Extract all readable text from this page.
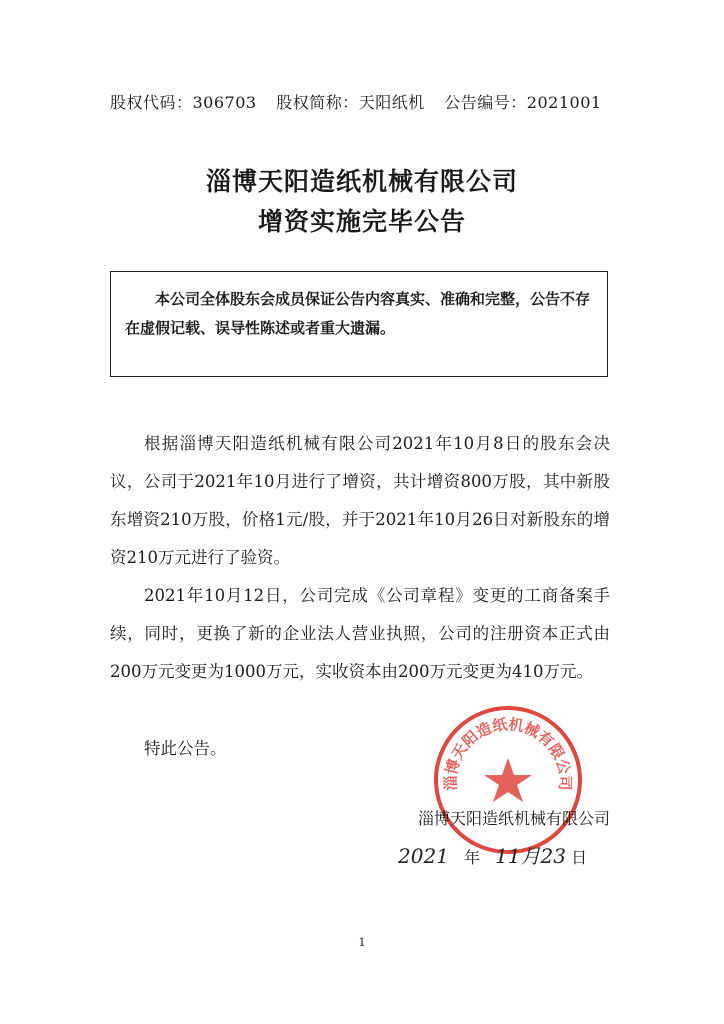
股权代码：306703 股权简称：天阳纸机 公告编号：2021001
淄博天阳造纸机械有限公司
增资实施完毕公告
本公司全体股东会成员保证公告内容真实、准确和完整，公告不存在虚假记载、误导性陈述或者重大遗漏。
根据淄博天阳造纸机械有限公司2021年10月8日的股东会决议，公司于2021年10月进行了增资，共计增资800万股，其中新股东增资210万股，价格1元/股，并于2021年10月26日对新股东的增资210万元进行了验资。
2021年10月12日，公司完成《公司章程》变更的工商备案手续，同时，更换了新的企业法人营业执照，公司的注册资本正式由200万元变更为1000万元，实收资本由200万元变更为410万元。
特此公告。
淄博天阳造纸机械有限公司
淄博天阳造纸机械有限公司
2021 年 11月23 日
1
